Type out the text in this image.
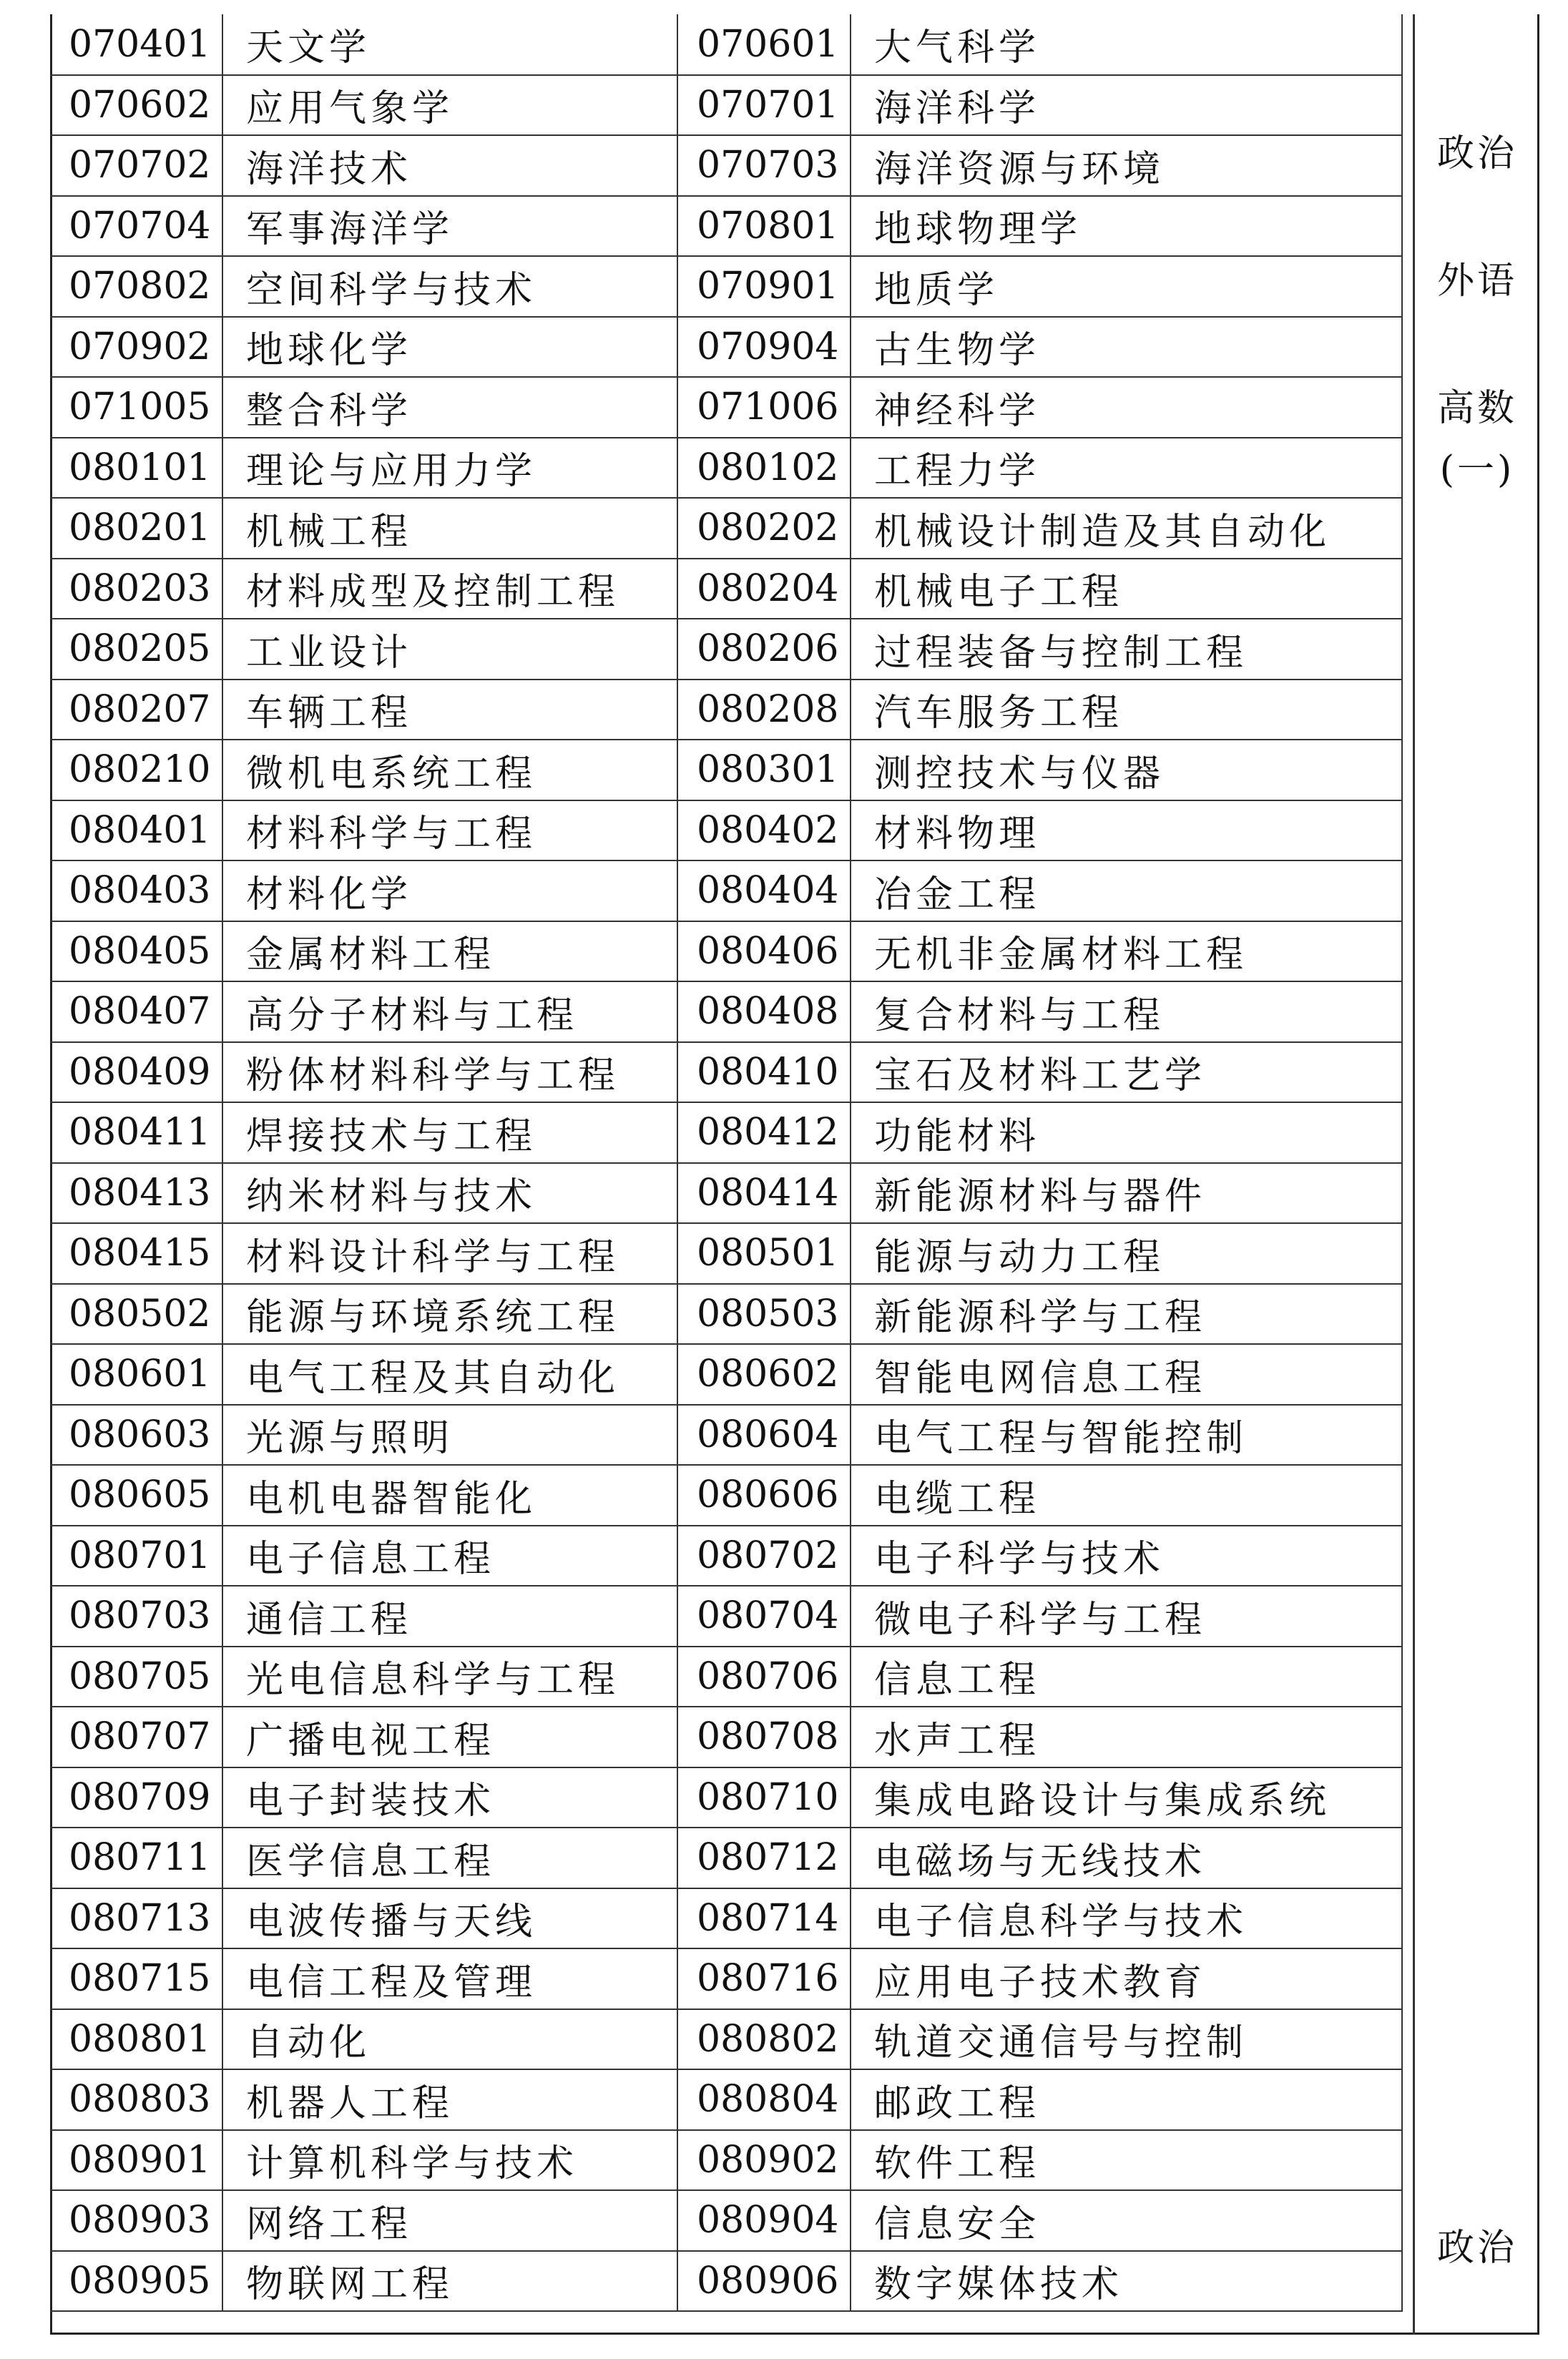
070401	天文学	070601	大气科学
070602	应用气象学	070701	海洋科学
070702	海洋技术	070703	海洋资源与环境
070704	军事海洋学	070801	地球物理学
070802	空间科学与技术	070901	地质学
070902	地球化学	070904	古生物学
071005	整合科学	071006	神经科学
080101	理论与应用力学	080102	工程力学
080201	机械工程	080202	机械设计制造及其自动化
080203	材料成型及控制工程	080204	机械电子工程
080205	工业设计	080206	过程装备与控制工程
080207	车辆工程	080208	汽车服务工程
080210	微机电系统工程	080301	测控技术与仪器
080401	材料科学与工程	080402	材料物理
080403	材料化学	080404	冶金工程
080405	金属材料工程	080406	无机非金属材料工程
080407	高分子材料与工程	080408	复合材料与工程
080409	粉体材料科学与工程	080410	宝石及材料工艺学
080411	焊接技术与工程	080412	功能材料
080413	纳米材料与技术	080414	新能源材料与器件
080415	材料设计科学与工程	080501	能源与动力工程
080502	能源与环境系统工程	080503	新能源科学与工程
080601	电气工程及其自动化	080602	智能电网信息工程
080603	光源与照明	080604	电气工程与智能控制
080605	电机电器智能化	080606	电缆工程
080701	电子信息工程	080702	电子科学与技术
080703	通信工程	080704	微电子科学与工程
080705	光电信息科学与工程	080706	信息工程
080707	广播电视工程	080708	水声工程
080709	电子封装技术	080710	集成电路设计与集成系统
080711	医学信息工程	080712	电磁场与无线技术
080713	电波传播与天线	080714	电子信息科学与技术
080715	电信工程及管理	080716	应用电子技术教育
080801	自动化	080802	轨道交通信号与控制
080803	机器人工程	080804	邮政工程
080901	计算机科学与技术	080902	软件工程
080903	网络工程	080904	信息安全
080905	物联网工程	080906	数字媒体技术
政治
外语
高数
(一)
政治
